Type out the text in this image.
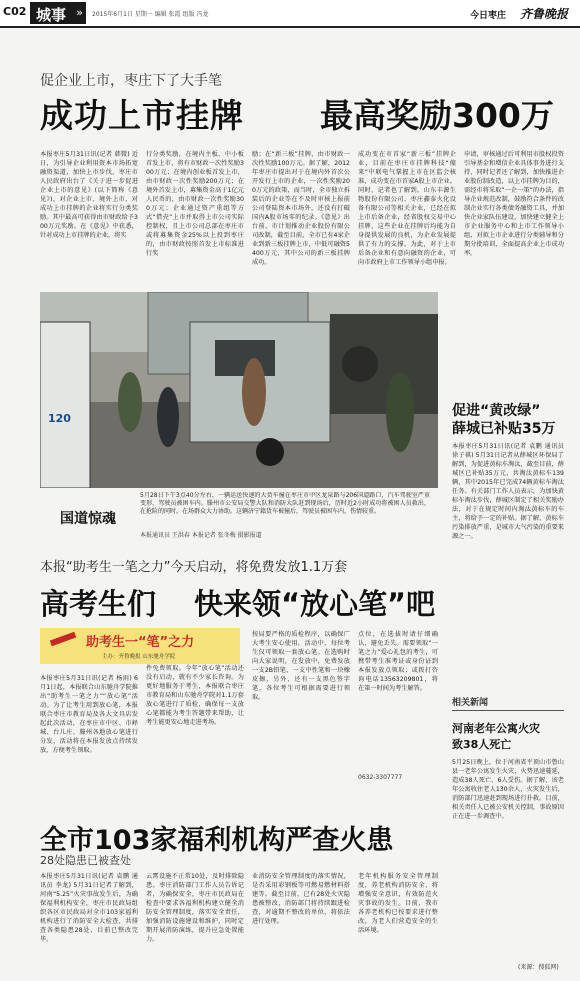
C02 城事 » 2015年6月1日 星期一 编辑 张霞 组版 冯龙	今日枣庄 齐鲁晚报
促企业上市，枣庄下了大手笔
成功上市挂牌 最高奖励300万
本报枣庄5月31日讯(记者 韩微) 近日，为引导企业利用资本市场拓宽融资渠道，加快上市步伐，枣庄市人民政府出台了《关于进一步促进企业上市的意见》(以下简称《意见》)，对企业上市、境外上市、对成功上市挂牌的企业将实行分类奖励。其中最高可获得由市财政给予300万元奖励。在《意见》中获悉，针对成功上市挂牌的企业，将实
行分类奖励，在境内主板、中小板首发上市，将有市财政一次性奖励300万元；在境内创业板首发上市，由市财政一次性奖励200万元；在境外首发上市，募集资金高于1亿元人民币的，由市财政一次性奖励300万元；企业通过资产重组等方式“借壳”上市并取得上市公司实际控制权，且上市公司总部在枣庄市或将募集资金25%以上投到枣庄的，由市财政按照首发上市标准进行奖
励；在“新三板”挂牌，由市财政一次性奖励100万元。据了解，2012年枣庄市提出对于在境内外首次公开发行上市的企业，一次性奖励200万元的政策，而当时，全市独立拆装后的企业等在不及时审核上报前公司登陆资本市场外，还没有打破国内A股市场零的纪录。《意见》出台前，市计划推动企业股份有限公司改制，截至目前，全市已有4家企业到新三板挂牌上市，中低可融资5400万元，其中公司的新三板挂牌成功。
成功变在市首家“新三板”挂牌企业，目前在枣庄市挂牌科技“傻来”中联电气掌握上市在区监会核准，成功变在市首家A股上市企业。同时，记者也了解到，山东丰源生物股份有限公司、枣庄鑫泰火化设备有限公司等相关企业，已经在拟上市后备企业，经省股权交易中心挂牌，这些企业在挂牌后均能为自身提供发展的良机，为企业发展提供了有力的支撑。为此，对于上市后备企业和有意向融资的企业，可向市政府上市工作领导小组申报。
申请，审核通过后可利用市股权投资引导基金和增信企业具体事务进行支持，同时记者还了解到，加快推进企业股份制改造，以上市挂牌为目的，需经市将采取“一企一策”的办法，指导企业规范改制，鼓励符合条件的改制企业实行各类债务融资工具，并加快企业家队伍建设，加快建立健全上市企业服务中心和上市工作领导小组，对拟上市企业进行分类辅导和分期分批培训，全面提高企业上市成功率。
120
国道惊魂
5月28日下午3点40分左右，一辆运送快递的大货车撞在枣庄市中区龙泉路与206国道路口，汽车驾驶室严重变形，驾驶员被困车内。滕州市公安局交警大队和消防大队赶到现场后，历时近2小时成功将被困人员救出，在抢险的同时，在场群众大力协助。这辆济宁籍货车被撞后，驾驶员被困车内，伤情较重。
本报通讯员 王洪春 本报记者 张冬梅 摄影报道
促进“黄改绿”
薛城已补贴35万
本报枣庄5月31日讯(记者 袁鹏 通讯员 徐子祺) 5月31日记者从薛城区环保局了解到，为促进黄标车淘汰，截至目前，薛城区已补贴35万元，共淘汰黄标车139辆，其中2015年已完成74辆黄标车淘汰任务。有关部门工作人员表示，为加快黄标车淘汰步伐，薛城区制定了相关奖励办法，对于在规定时间内淘汰黄标车的车主，将给予一定的补贴。据了解，黄标车污染排放严重，是城市大气污染的重要来源之一。
本报“助考生一笔之力”今天启动，将免费发放1.1万套
高考生们 快来领“放心笔”吧
助考生一“笔”之力
主办：齐鲁晚报 山东驰舟学院
本报枣庄5月31日讯(记者 杨雨) 6月1日起，本报联合山东驰舟学院推出“助考生一笔之力”“放心笔”活动。为了让考生用到放心笔，本报联合枣庄市教育局及各大文具店发起此次活动，在枣庄市中区、市峄城、台儿庄、滕州各地放心笔进行分发，活动将在本报发放点持续发放，方便考生领取。
件免费领取。今年“放心笔”活动还没有启动，就有不少家长咨询。为更好地服务于考生，本报联合枣庄市教育局和山东驰舟学院对1.1万套放心笔进行了质检，确保每一支放心笔都能为考生答题带来帮助，让考生能更安心地走进考场。
按局要严格的质检程序，以确保广大考生安心使用，活动中，每位考生仅可领取一套放心笔。在选购时向大家说明，在发放中，免费发放一支2B铅笔、一支中性笔和一块橡皮擦，另外，还有一支黑色签字笔，各位考生可根据需要进行领取。
点位，在选拔时请仔细确认，避免丢失。需要领取“一笔之力”爱心礼包的考生，可携带考生准考证或身份证到本报发放点领取；或拨打咨询电话13563209801，将在第一时间为考生解答。
0632-3307777
相关新闻
河南老年公寓火灾
致38人死亡
5月25日晚上，位于河南省平顶山市鲁山县一老年公寓发生火灾，火势迅速蔓延，造成38人死亡、6人受伤。据了解，该老年公寓收住老人130余人，火灾发生后，消防部门迅速赶到现场进行扑救。目前，相关责任人已被公安机关控制，事故原因正在进一步调查中。
(来源：搜狐网)
全市103家福利机构严查火患
28处隐患已被查处
本报枣庄5月31日讯(记者 袁鹏 通讯员 李龙) 5月31日记者了解到，河南“5.25”火灾事故发生后，为确保福利机构安全，枣庄市民政局组织各区市民政局对全市103家福利机构进行了消防安全大检查，共排查各类隐患28处，目前已整改完毕。
云霄设施不正常10处，及时排除隐患。枣庄消防部门工作人员告诉记者，为确保安全，枣庄市民政局在检查中要求各福利机构建立健全消防安全管理制度，落实安全责任，加强消防设施建设和维护，同时定期开展消防演练，提升应急处置能力。
业消防安全管理制度的落实情况，是否采用彩钢板等可燃易燃材料搭建等。截至目前，已有28处火灾隐患被整改，消防部门将持续跟进检查，对逾期不整改的单位，将依法进行处理。
老年机构服务安全管理制度，养老机构消防安全、将增强安全意识，有效防范火灾事故的发生。目前，我市各养老机构已按要求进行整改，为老人们营造安全的生活环境。
